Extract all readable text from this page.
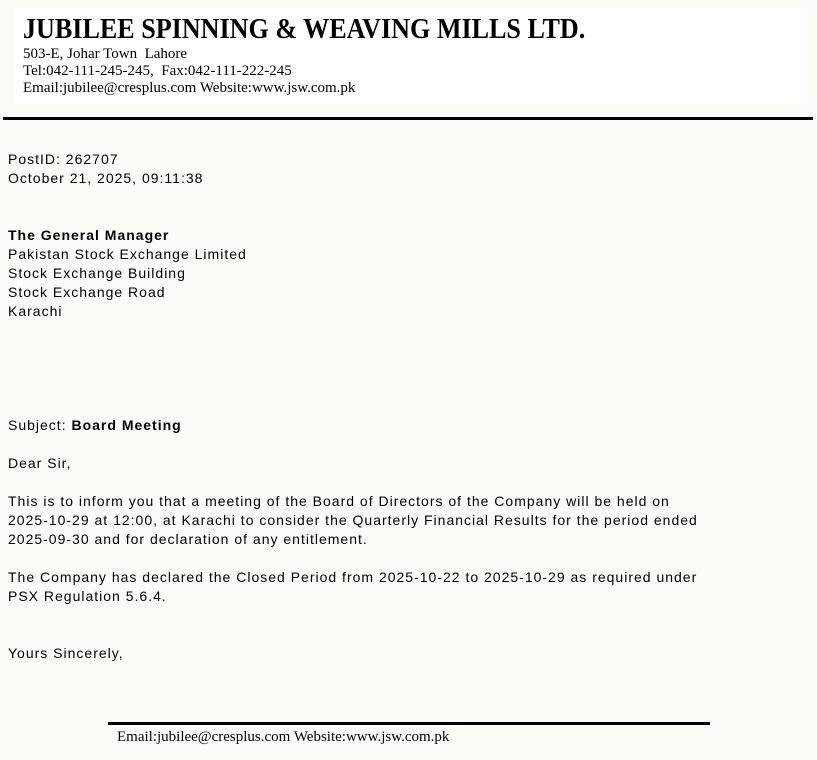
JUBILEE SPINNING & WEAVING MILLS LTD.
503-E, Johar Town  Lahore
Tel:042-111-245-245,  Fax:042-111-222-245
Email:jubilee@cresplus.com Website:www.jsw.com.pk
PostID: 262707
October 21, 2025, 09:11:38
The General Manager
Pakistan Stock Exchange Limited
Stock Exchange Building
Stock Exchange Road
Karachi
Subject: Board Meeting
Dear Sir,
This is to inform you that a meeting of the Board of Directors of the Company will be held on
2025-10-29 at 12:00, at Karachi to consider the Quarterly Financial Results for the period ended
2025-09-30 and for declaration of any entitlement.
The Company has declared the Closed Period from 2025-10-22 to 2025-10-29 as required under
PSX Regulation 5.6.4.
Yours Sincerely,
Email:jubilee@cresplus.com Website:www.jsw.com.pk
